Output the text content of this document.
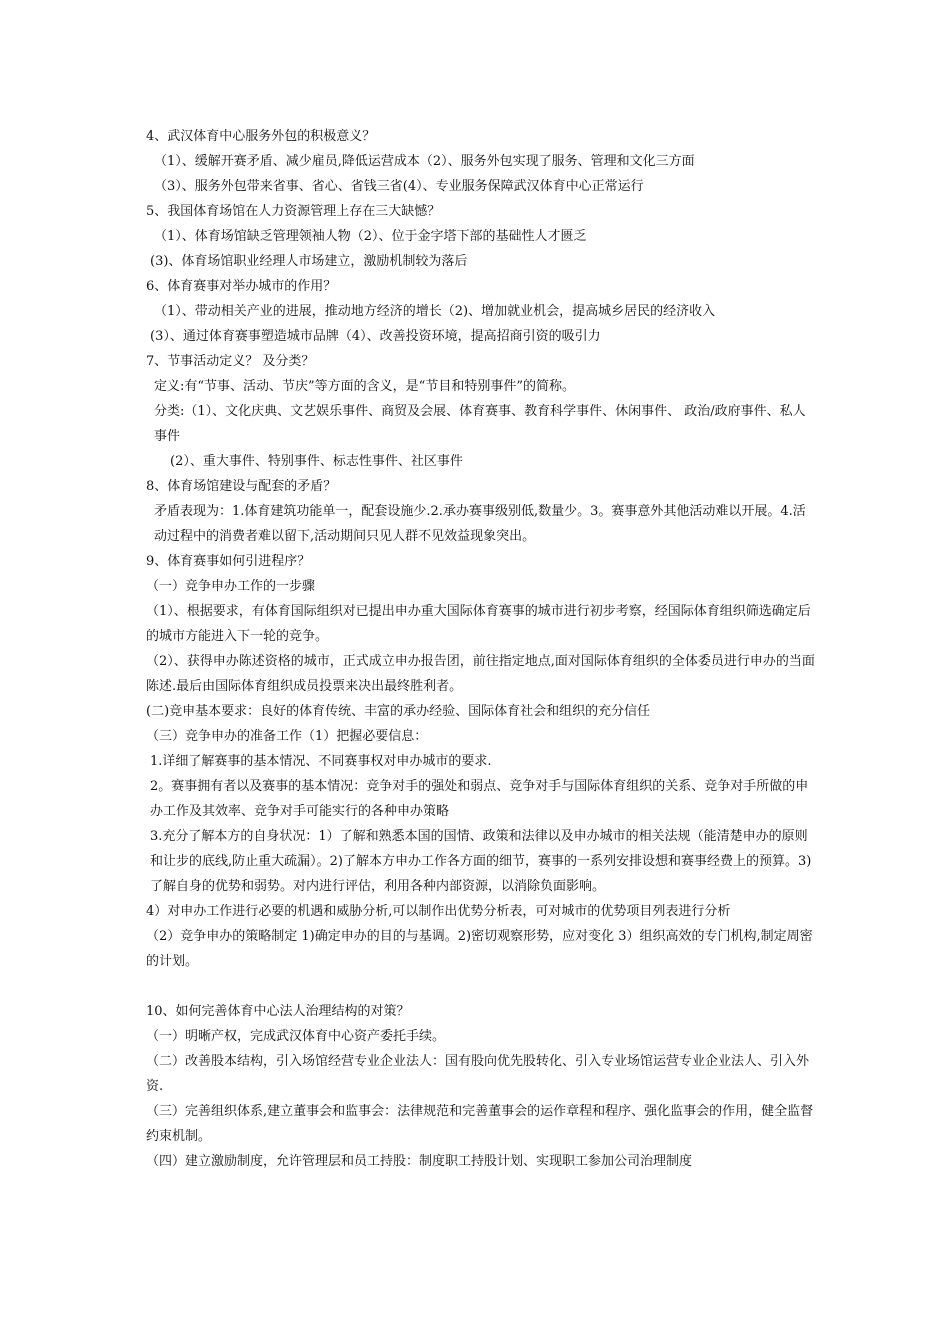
4、武汉体育中心服务外包的积极意义？
（1）、缓解开赛矛盾、减少雇员,降低运营成本（2）、服务外包实现了服务、管理和文化三方面
（3）、服务外包带来省事、省心、省钱三省(4）、专业服务保障武汉体育中心正常运行
5、我国体育场馆在人力资源管理上存在三大缺憾？
（1）、体育场馆缺乏管理领袖人物（2）、位于金字塔下部的基础性人才匮乏
(3)、体育场馆职业经理人市场建立，激励机制较为落后
6、体育赛事对举办城市的作用？
（1）、带动相关产业的进展，推动地方经济的增长（2)、增加就业机会，提高城乡居民的经济收入
(3）、通过体育赛事塑造城市品牌（4）、改善投资环境，提高招商引资的吸引力
7、节事活动定义？ 及分类？
定义:有“节事、活动、节庆”等方面的含义，是“节目和特别事件”的简称。
分类:（1）、文化庆典、文艺娱乐事件、商贸及会展、体育赛事、教育科学事件、休闲事件、 政治/政府事件、私人事件
(2）、重大事件、特别事件、标志性事件、社区事件
8、体育场馆建设与配套的矛盾？
矛盾表现为：1.体育建筑功能单一，配套设施少.2.承办赛事级别低,数量少。3。赛事意外其他活动难以开展。4.活动过程中的消费者难以留下,活动期间只见人群不见效益现象突出。
9、体育赛事如何引进程序？
（一）竞争申办工作的一步骤
（1）、根据要求，有体育国际组织对已提出申办重大国际体育赛事的城市进行初步考察，经国际体育组织筛选确定后的城市方能进入下一轮的竞争。
（2）、获得申办陈述资格的城市，正式成立申办报告团，前往指定地点,面对国际体育组织的全体委员进行申办的当面陈述.最后由国际体育组织成员投票来决出最终胜利者。
(二)竞申基本要求：良好的体育传统、丰富的承办经验、国际体育社会和组织的充分信任
（三）竞争申办的准备工作（1）把握必要信息：
1.详细了解赛事的基本情况、不同赛事权对申办城市的要求.
2。赛事拥有者以及赛事的基本情况：竞争对手的强处和弱点、竞争对手与国际体育组织的关系、竞争对手所做的申办工作及其效率、竞争对手可能实行的各种申办策略
3.充分了解本方的自身状况：1）了解和熟悉本国的国情、政策和法律以及申办城市的相关法规（能清楚申办的原则和让步的底线,防止重大疏漏）。2)了解本方申办工作各方面的细节，赛事的一系列安排设想和赛事经费上的预算。3)了解自身的优势和弱势。对内进行评估，利用各种内部资源，以消除负面影响。
4）对申办工作进行必要的机遇和威胁分析,可以制作出优势分析表，可对城市的优势项目列表进行分析
（2）竞争申办的策略制定 1)确定申办的目的与基调。2)密切观察形势，应对变化 3）组织高效的专门机构,制定周密的计划。
10、如何完善体育中心法人治理结构的对策？
（一）明晰产权，完成武汉体育中心资产委托手续。
（二）改善股本结构，引入场馆经营专业企业法人：国有股向优先股转化、引入专业场馆运营专业企业法人、引入外资.
（三）完善组织体系,建立董事会和监事会：法律规范和完善董事会的运作章程和程序、强化监事会的作用，健全监督约束机制。
（四）建立激励制度，允许管理层和员工持股：制度职工持股计划、实现职工参加公司治理制度
